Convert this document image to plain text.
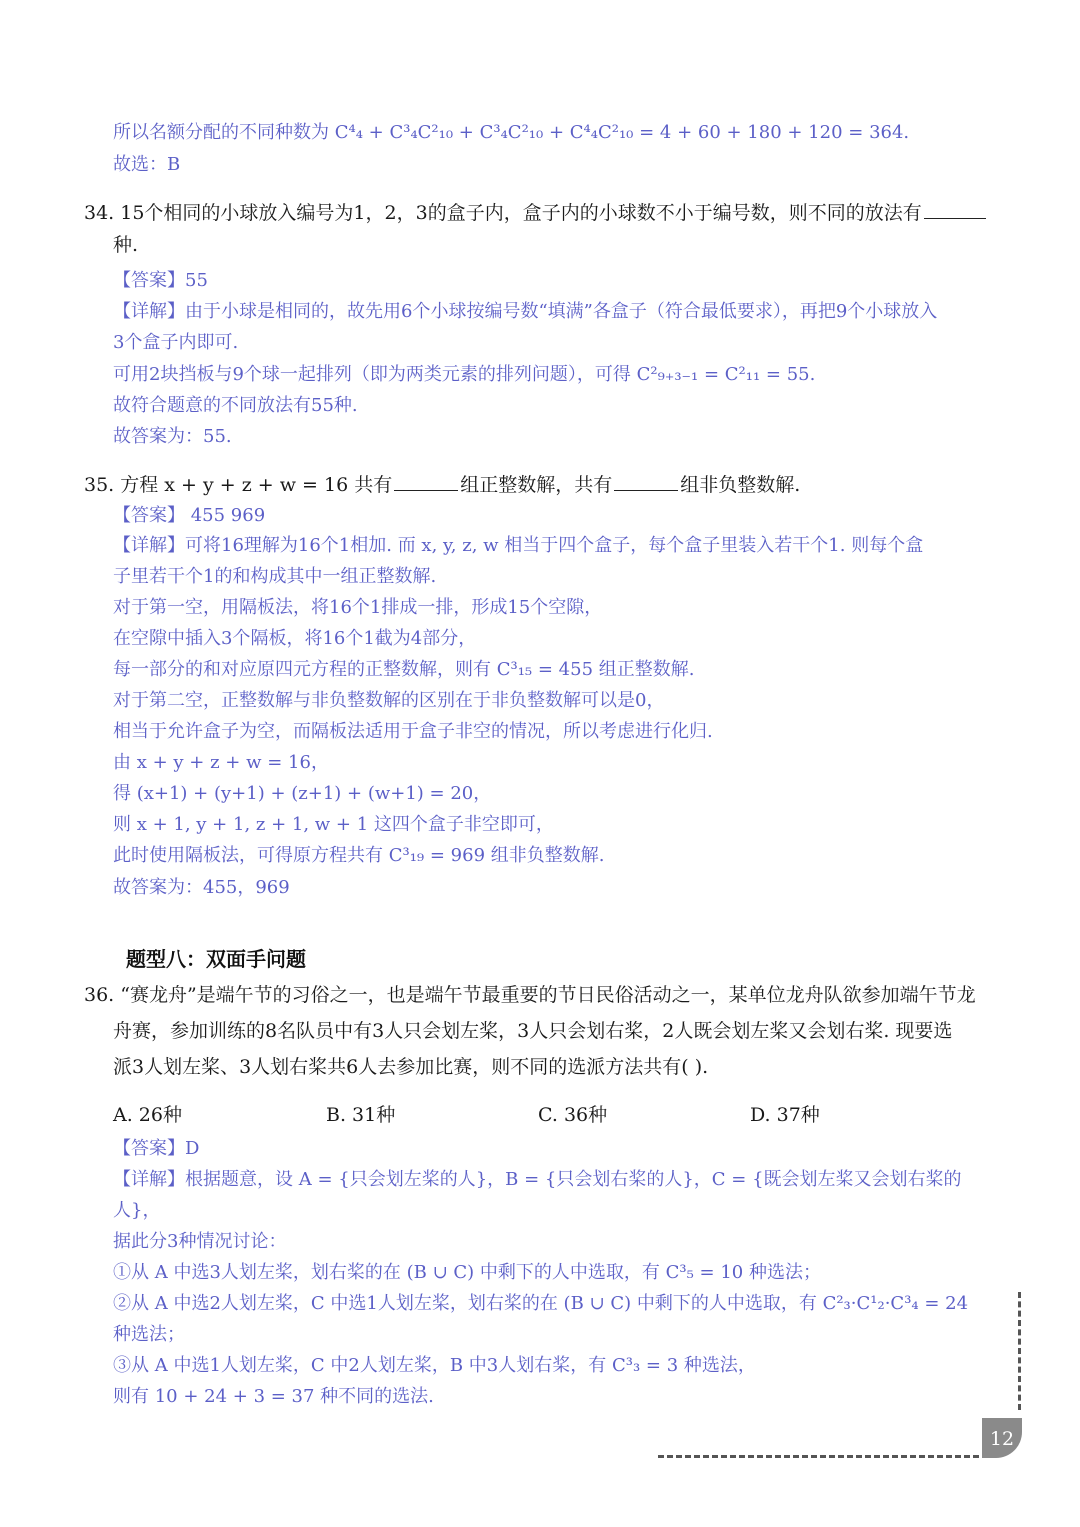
所以名额分配的不同种数为 C⁴₄ + C³₄C²₁₀ + C³₄C²₁₀ + C⁴₄C²₁₀ = 4 + 60 + 180 + 120 = 364.
故选：B
34. 15个相同的小球放入编号为1，2，3的盒子内，盒子内的小球数不小于编号数，则不同的放法有
种.
【答案】55
【详解】由于小球是相同的，故先用6个小球按编号数“填满”各盒子（符合最低要求），再把9个小球放入
3个盒子内即可.
可用2块挡板与9个球一起排列（即为两类元素的排列问题），可得 C²₉₊₃₋₁ = C²₁₁ = 55.
故符合题意的不同放法有55种.
故答案为：55.
35. 方程 x + y + z + w = 16 共有	组正整数解，共有	组非负整数解.
【答案】 455 969
【详解】可将16理解为16个1相加. 而 x, y, z, w 相当于四个盒子，每个盒子里装入若干个1. 则每个盒
子里若干个1的和构成其中一组正整数解.
对于第一空，用隔板法，将16个1排成一排，形成15个空隙，
在空隙中插入3个隔板，将16个1截为4部分，
每一部分的和对应原四元方程的正整数解，则有 C³₁₅ = 455 组正整数解.
对于第二空，正整数解与非负整数解的区别在于非负整数解可以是0，
相当于允许盒子为空，而隔板法适用于盒子非空的情况，所以考虑进行化归.
由 x + y + z + w = 16，
得 (x+1) + (y+1) + (z+1) + (w+1) = 20，
则 x + 1, y + 1, z + 1, w + 1 这四个盒子非空即可，
此时使用隔板法，可得原方程共有 C³₁₉ = 969 组非负整数解.
故答案为：455，969
题型八：双面手问题
36. “赛龙舟”是端午节的习俗之一，也是端午节最重要的节日民俗活动之一，某单位龙舟队欲参加端午节龙
舟赛，参加训练的8名队员中有3人只会划左桨，3人只会划右桨，2人既会划左桨又会划右桨. 现要选
派3人划左桨、3人划右桨共6人去参加比赛，则不同的选派方法共有( ).
A. 26种	B. 31种	C. 36种	D. 37种
【答案】D
【详解】根据题意，设 A = {只会划左桨的人}，B = {只会划右桨的人}，C = {既会划左桨又会划右桨的
人}，
据此分3种情况讨论：
①从 A 中选3人划左桨，划右桨的在 (B ∪ C) 中剩下的人中选取，有 C³₅ = 10 种选法；
②从 A 中选2人划左桨，C 中选1人划左桨，划右桨的在 (B ∪ C) 中剩下的人中选取，有 C²₃·C¹₂·C³₄ = 24
种选法；
③从 A 中选1人划左桨，C 中2人划左桨，B 中3人划右桨，有 C³₃ = 3 种选法，
则有 10 + 24 + 3 = 37 种不同的选法.
12
